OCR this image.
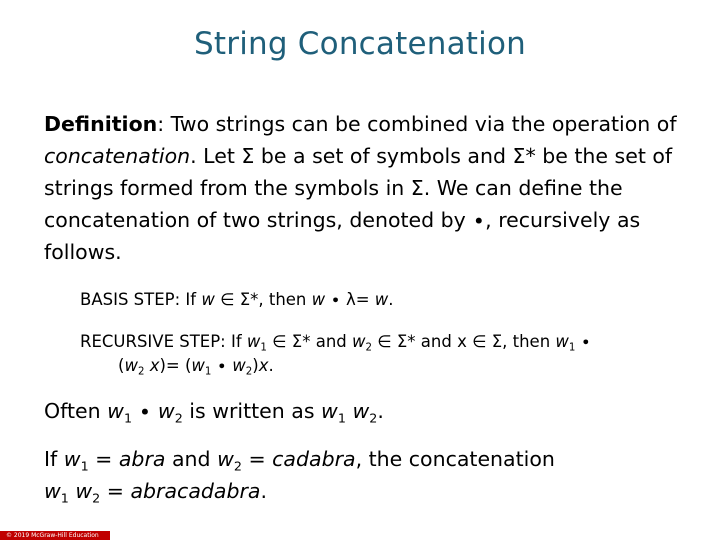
String Concatenation
Definition: Two strings can be combined via the operation of concatenation. Let Σ be a set of symbols and Σ* be the set of strings formed from the symbols in Σ. We can define the concatenation of two strings, denoted by ∙, recursively as follows.
BASIS STEP: If w ∈ Σ*, then w ∙ λ= w.
RECURSIVE STEP: If $w_1$ ∈ Σ* and $w_2$ ∈ Σ* and x ∈ Σ, then $w_1$ ∙
($w_2$ $x)= (w_1 \cdot w_2)x$.
Often $w_1 \cdot w_2$ is written as $w_1$ $w_2$.
If $w_1$ = abra and $w_2$ = cadabra, the concatenation
$w_1$ $w_2$ = abracadabra.
© 2019 McGraw-Hill Education
